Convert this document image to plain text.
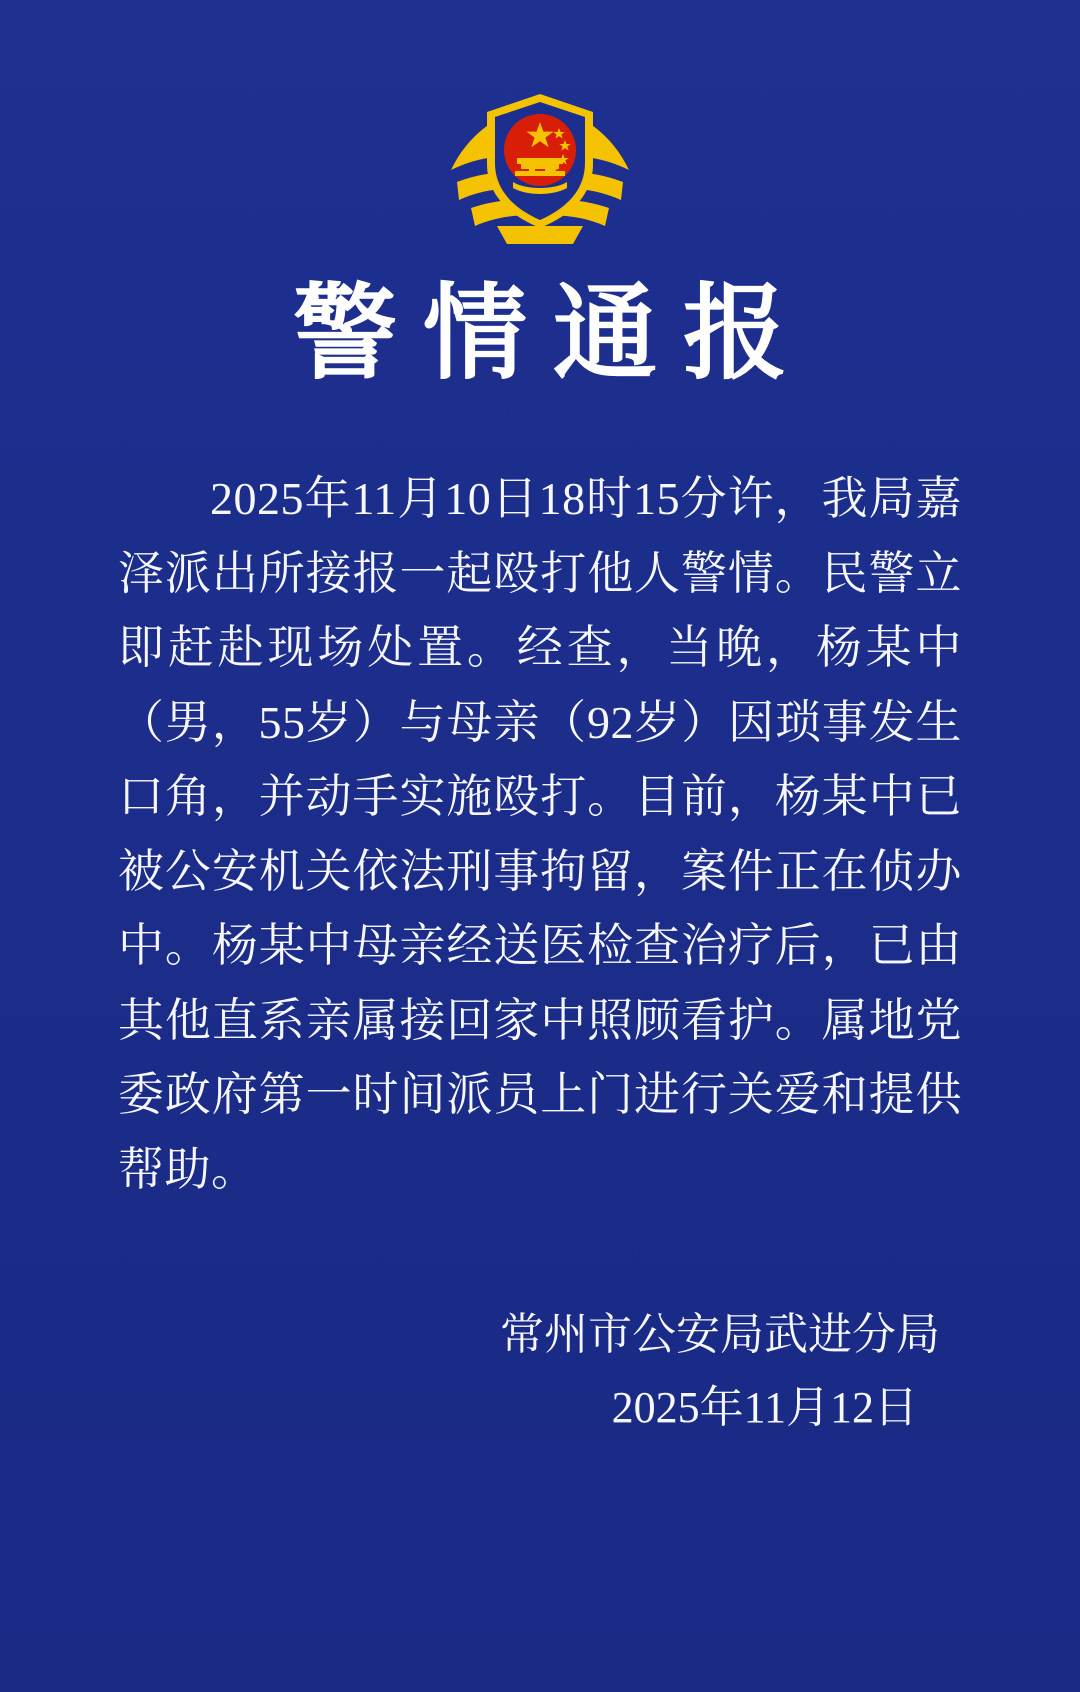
警情通报
2025年11月10日18时15分许，我局嘉泽派出所接报一起殴打他人警情。民警立即赶赴现场处置。经查，当晚，杨某中（男，55岁）与母亲（92岁）因琐事发生口角，并动手实施殴打。目前，杨某中已被公安机关依法刑事拘留，案件正在侦办中。杨某中母亲经送医检查治疗后，已由其他直系亲属接回家中照顾看护。属地党委政府第一时间派员上门进行关爱和提供帮助。
常州市公安局武进分局
2025年11月12日
